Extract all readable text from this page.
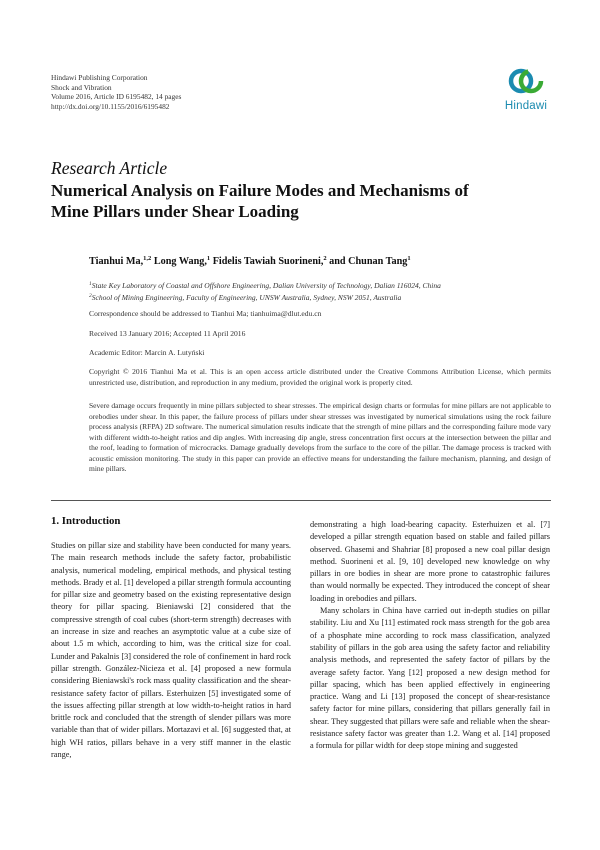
Hindawi Publishing Corporation
Shock and Vibration
Volume 2016, Article ID 6195482, 14 pages
http://dx.doi.org/10.1155/2016/6195482	Hindawi
Research Article
Numerical Analysis on Failure Modes and Mechanisms of
Mine Pillars under Shear Loading
Tianhui Ma,$^{1,2}$ Long Wang,$^1$ Fidelis Tawiah Suorineni,$^2$ and Chunan Tang$^1$
$^1$State Key Laboratory of Coastal and Offshore Engineering, Dalian University of Technology, Dalian 116024, China
$^2$School of Mining Engineering, Faculty of Engineering, UNSW Australia, Sydney, NSW 2051, Australia
Correspondence should be addressed to Tianhui Ma; tianhuima@dlut.edu.cn
Received 13 January 2016; Accepted 11 April 2016
Academic Editor: Marcin A. Lutyński
Copyright © 2016 Tianhui Ma et al. This is an open access article distributed under the Creative Commons Attribution License, which permits unrestricted use, distribution, and reproduction in any medium, provided the original work is properly cited.
Severe damage occurs frequently in mine pillars subjected to shear stresses. The empirical design charts or formulas for mine pillars are not applicable to orebodies under shear. In this paper, the failure process of pillars under shear stresses was investigated by numerical simulations using the rock failure process analysis (RFPA) 2D software. The numerical simulation results indicate that the strength of mine pillars and the corresponding failure mode vary with different width-to-height ratios and dip angles. With increasing dip angle, stress concentration first occurs at the intersection between the pillar and the roof, leading to formation of microcracks. Damage gradually develops from the surface to the core of the pillar. The damage process is tracked with acoustic emission monitoring. The study in this paper can provide an effective means for understanding the failure mechanism, planning, and design of mine pillars.
1. Introduction

Studies on pillar size and stability have been conducted for many years. The main research methods include the safety factor, probabilistic analysis, numerical modeling, empirical methods, and physical testing methods. Brady et al. [1] developed a pillar strength formula accounting for pillar size and geometry based on the existing representative design theory for pillar spacing. Bieniawski [2] considered that the compressive strength of coal cubes (short-term strength) decreases with an increase in size and reaches an asymptotic value at a cube size of about 1.5 m which, according to him, was the critical size for coal. Lunder and Pakalnis [3] considered the role of confinement in hard rock pillar strength. González-Nicieza et al. [4] proposed a new formula considering Bieniawski's rock mass quality classification and the shear-resistance safety factor of pillars. Esterhuizen [5] investigated some of the issues affecting pillar strength at low width-to-height ratios in hard brittle rock and concluded that the strength of slender pillars was more variable than that of wider pillars. Mortazavi et al. [6] suggested that, at high WH ratios, pillars behave in a very stiff manner in the elastic range,

demonstrating a high load-bearing capacity. Esterhuizen et al. [7] developed a pillar strength equation based on stable and failed pillars observed. Ghasemi and Shahriar [8] proposed a new coal pillar design method. Suorineni et al. [9, 10] developed new knowledge on why pillars in ore bodies in shear are more prone to catastrophic failures than would normally be expected. They introduced the concept of shear loading in orebodies and pillars.

Many scholars in China have carried out in-depth studies on pillar stability. Liu and Xu [11] estimated rock mass strength for the gob area of a phosphate mine according to rock mass classification, analyzed stability of pillars in the gob area using the safety factor and reliability analysis methods, and represented the safety factor of pillars by the average safety factor. Yang [12] proposed a new design method for pillar spacing, which has been applied effectively in engineering practice. Wang and Li [13] proposed the concept of shear-resistance safety factor for mine pillars, considering that pillars generally fail in shear. They suggested that pillars were safe and reliable when the shear-resistance safety factor was greater than 1.2. Wang et al. [14] proposed a formula for pillar width for deep stope mining and suggested
